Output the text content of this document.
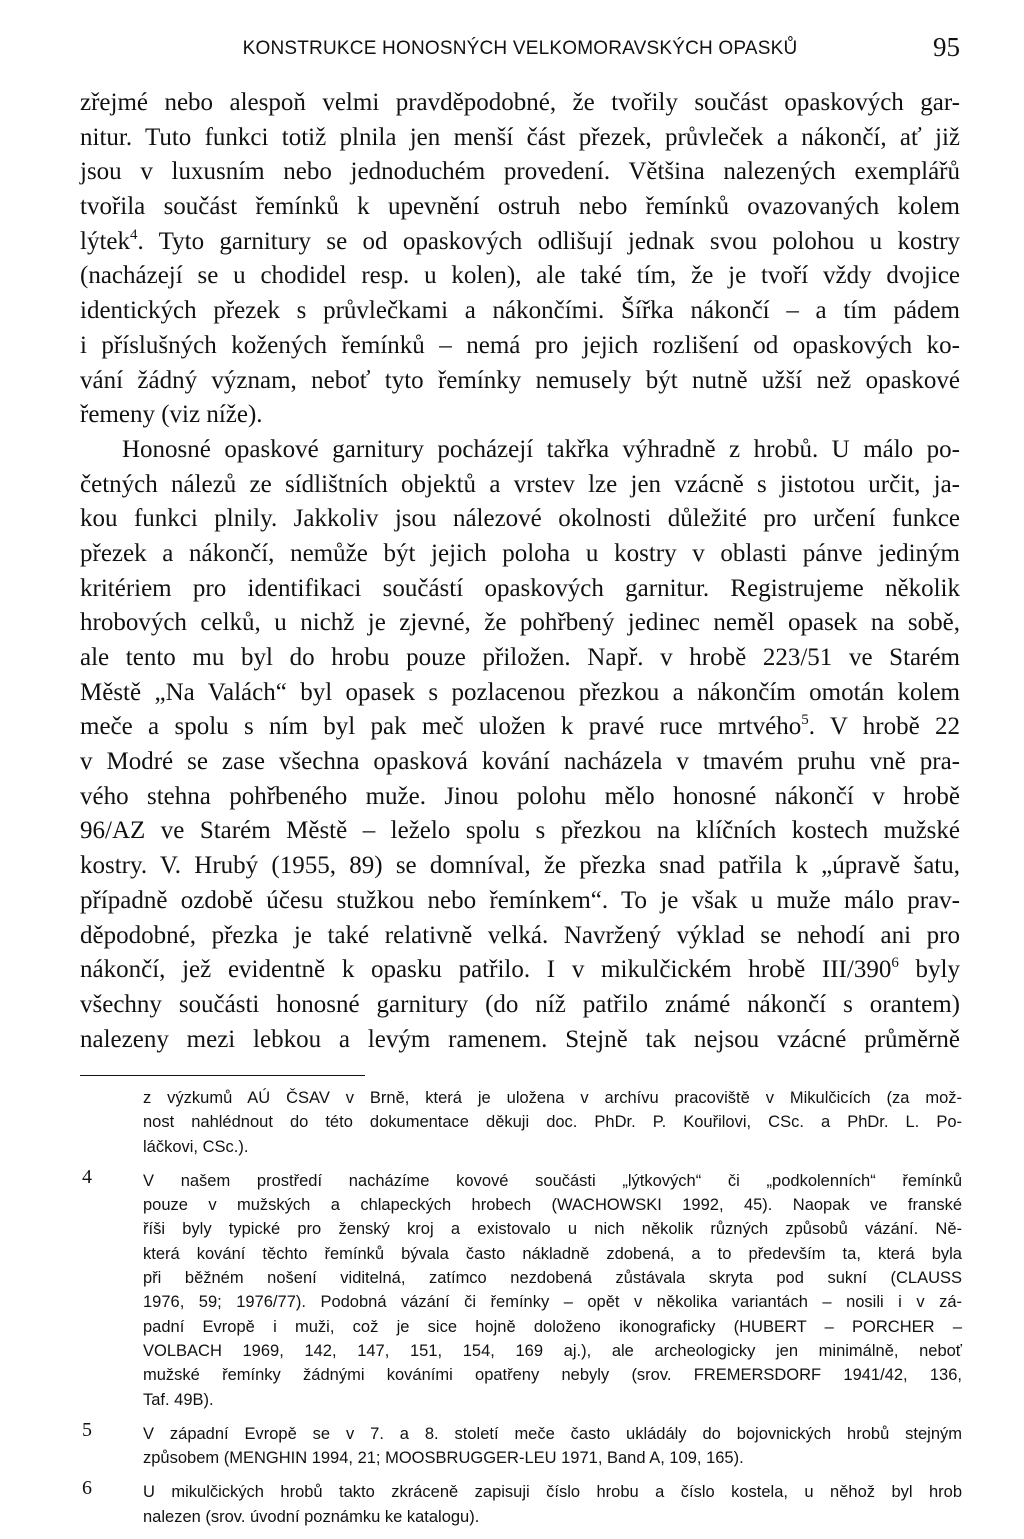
KONSTRUKCE HONOSNÝCH VELKOMORAVSKÝCH OPASKŮ	95
zřejmé nebo alespoň velmi pravděpodobné, že tvořily součást opaskových gar-
nitur. Tuto funkci totiž plnila jen menší část přezek, průvleček a nákončí, ať již
jsou v luxusním nebo jednoduchém provedení. Většina nalezených exemplářů
tvořila součást řemínků k upevnění ostruh nebo řemínků ovazovaných kolem
lýtek$^4$. Tyto garnitury se od opaskových odlišují jednak svou polohou u kostry
(nacházejí se u chodidel resp. u kolen), ale také tím, že je tvoří vždy dvojice
identických přezek s průvlečkami a nákončími. Šířka nákončí – a tím pádem
i příslušných kožených řemínků – nemá pro jejich rozlišení od opaskových ko-
vání žádný význam, neboť tyto řemínky nemusely být nutně užší než opaskové
řemeny (viz níže).
Honosné opaskové garnitury pocházejí takřka výhradně z hrobů. U málo po-
četných nálezů ze sídlištních objektů a vrstev lze jen vzácně s jistotou určit, ja-
kou funkci plnily. Jakkoliv jsou nálezové okolnosti důležité pro určení funkce
přezek a nákončí, nemůže být jejich poloha u kostry v oblasti pánve jediným
kritériem pro identifikaci součástí opaskových garnitur. Registrujeme několik
hrobových celků, u nichž je zjevné, že pohřbený jedinec neměl opasek na sobě,
ale tento mu byl do hrobu pouze přiložen. Např. v hrobě 223/51 ve Starém
Městě „Na Valách“ byl opasek s pozlacenou přezkou a nákončím omotán kolem
meče a spolu s ním byl pak meč uložen k pravé ruce mrtvého$^5$. V hrobě 22
v Modré se zase všechna opasková kování nacházela v tmavém pruhu vně pra-
vého stehna pohřbeného muže. Jinou polohu mělo honosné nákončí v hrobě
96/AZ ve Starém Městě – leželo spolu s přezkou na klíčních kostech mužské
kostry. V. Hrubý (1955, 89) se domníval, že přezka snad patřila k „úpravě šatu,
případně ozdobě účesu stužkou nebo řemínkem“. To je však u muže málo prav-
děpodobné, přezka je také relativně velká. Navržený výklad se nehodí ani pro
nákončí, jež evidentně k opasku patřilo. I v mikulčickém hrobě III/$390^6$ byly
všechny součásti honosné garnitury (do níž patřilo známé nákončí s orantem)
nalezeny mezi lebkou a levým ramenem. Stejně tak nejsou vzácné průměrně
z výzkumů AÚ ČSAV v Brně, která je uložena v archívu pracoviště v Mikulčicích (za mož-
nost nahlédnout do této dokumentace děkuji doc. PhDr. P. Kouřilovi, CSc. a PhDr. L. Po-
láčkovi, CSc.).
4	V našem prostředí nacházíme kovové součásti „lýtkových“ či „podkolenních“ řemínků
pouze v mužských a chlapeckých hrobech (WACHOWSKI 1992, 45). Naopak ve franské
říši byly typické pro ženský kroj a existovalo u nich několik různých způsobů vázání. Ně-
která kování těchto řemínků bývala často nákladně zdobená, a to především ta, která byla
při běžném nošení viditelná, zatímco nezdobená zůstávala skryta pod sukní (CLAUSS
1976, 59; 1976/77). Podobná vázání či řemínky – opět v několika variantách – nosili i v zá-
padní Evropě i muži, což je sice hojně doloženo ikonograficky (HUBERT – PORCHER –
VOLBACH 1969, 142, 147, 151, 154, 169 aj.), ale archeologicky jen minimálně, neboť
mužské řemínky žádnými kováními opatřeny nebyly (srov. FREMERSDORF 1941/42, 136,
Taf. 49B).
5	V západní Evropě se v 7. a 8. století meče často ukládály do bojovnických hrobů stejným
způsobem (MENGHIN 1994, 21; MOOSBRUGGER-LEU 1971, Band A, 109, 165).
6	U mikulčických hrobů takto zkráceně zapisuji číslo hrobu a číslo kostela, u něhož byl hrob
nalezen (srov. úvodní poznámku ke katalogu).
